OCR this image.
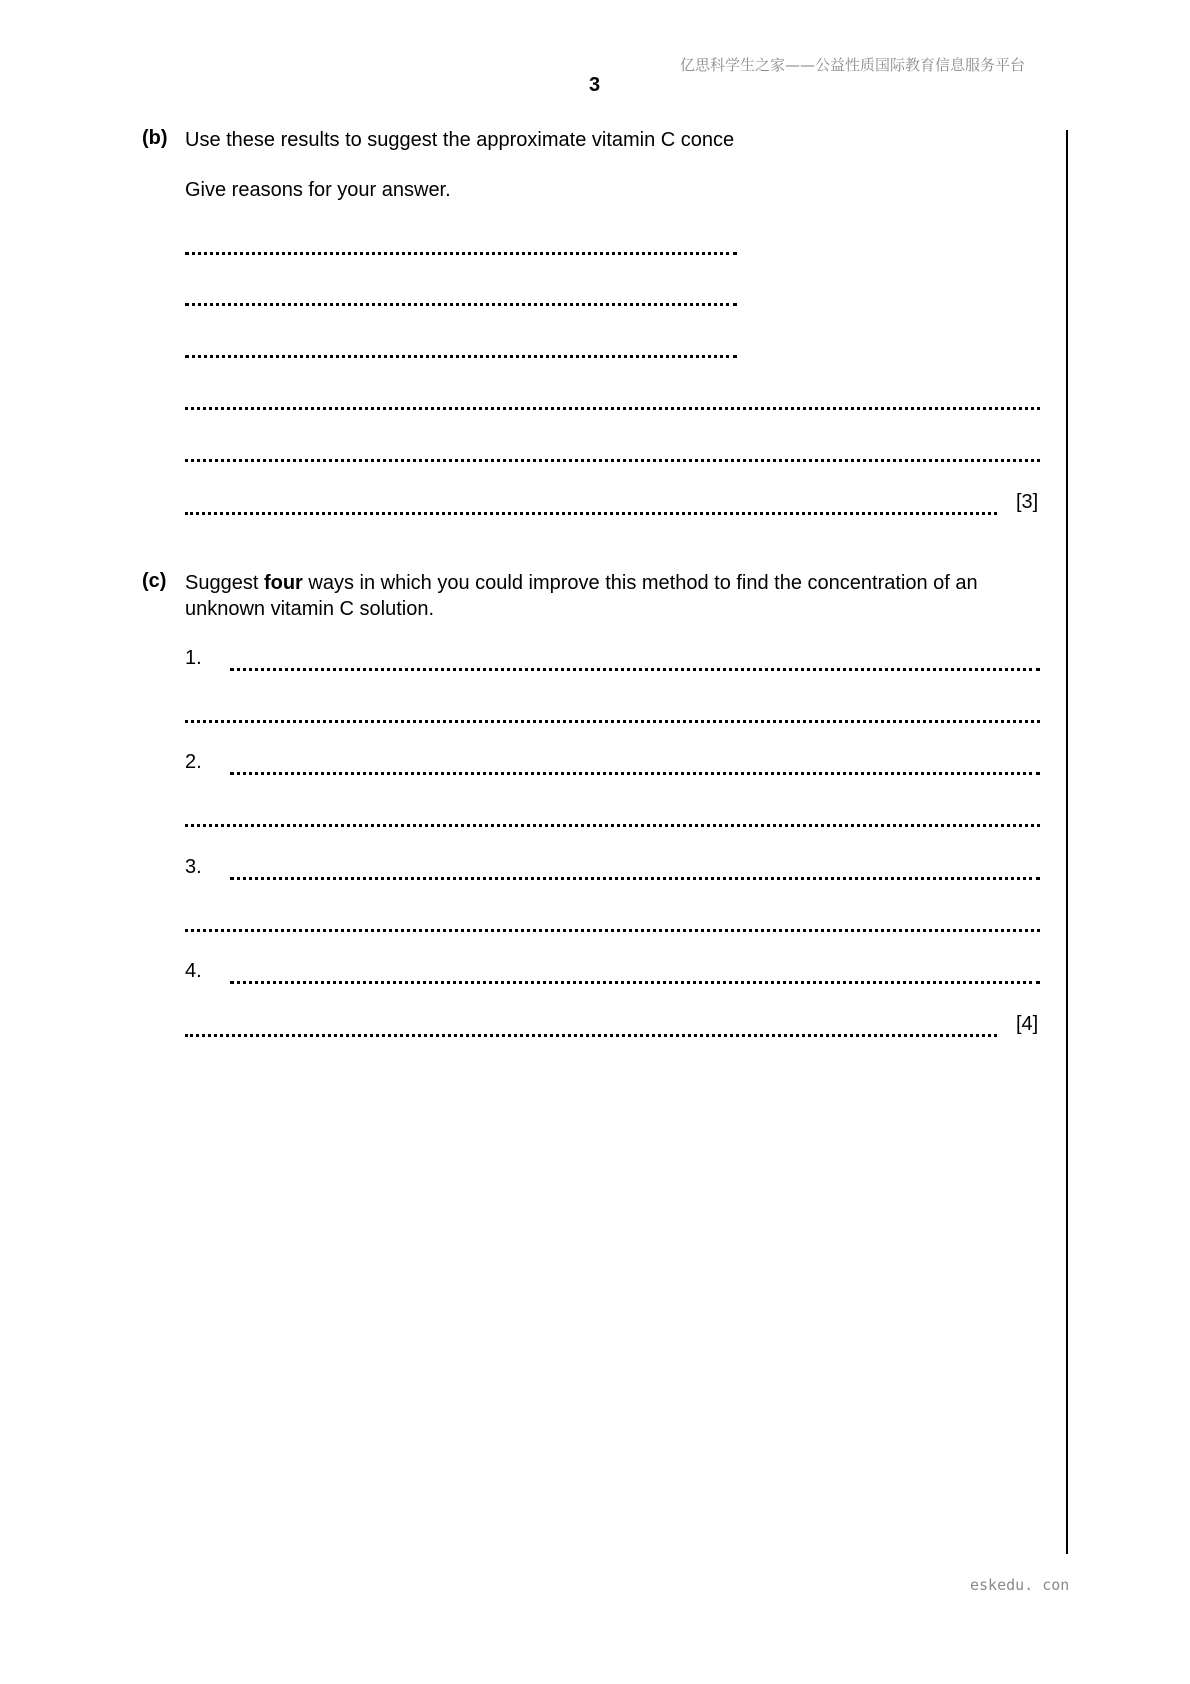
亿思科学生之家——公益性质国际教育信息服务平台
3
(b) Use these results to suggest the approximate vitamin C conce
Give reasons for your answer.
[3]
(c) Suggest four ways in which you could improve this method to find the concentration of an unknown vitamin C solution.
1.
2.
3.
4.
[4]
eskedu. con
